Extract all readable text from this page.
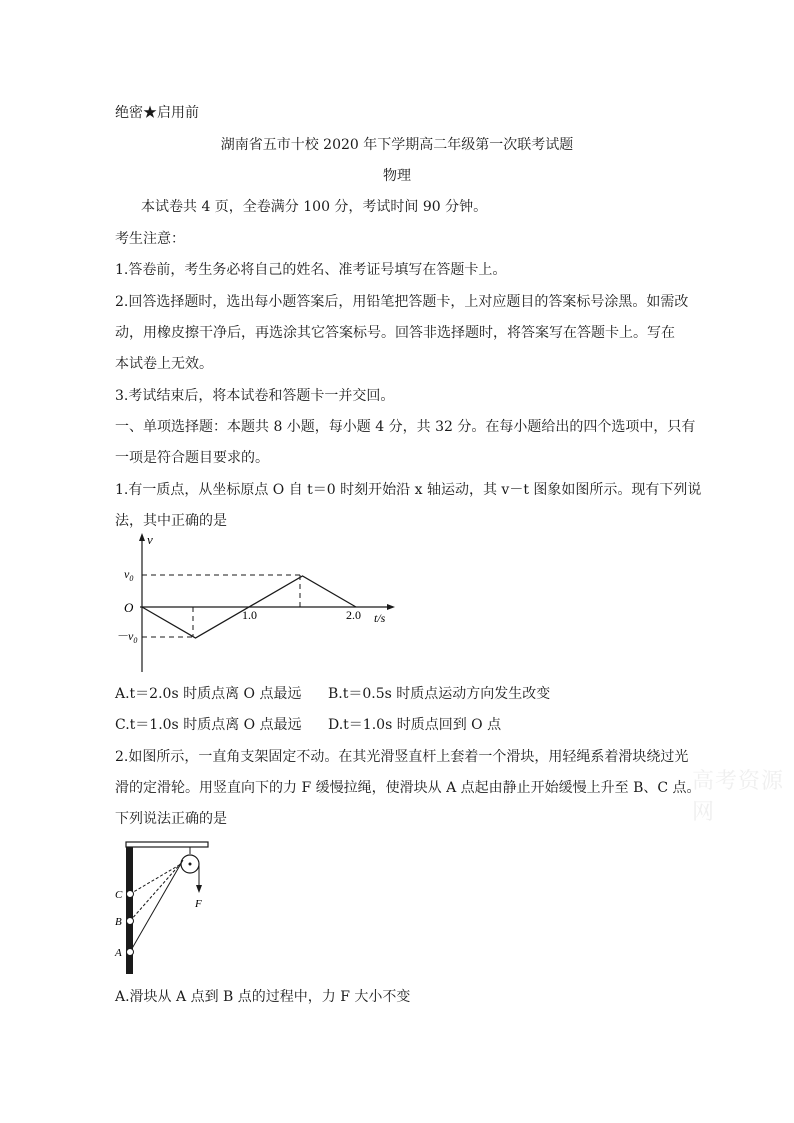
绝密★启用前
湖南省五市十校 2020 年下学期高二年级第一次联考试题
物理
本试卷共 4 页，全卷满分 100 分，考试时间 90 分钟。
考生注意：
1.答卷前，考生务必将自己的姓名、准考证号填写在答题卡上。
2.回答选择题时，选出每小题答案后，用铅笔把答题卡，上对应题目的答案标号涂黑。如需改
动，用橡皮擦干净后，再选涂其它答案标号。回答非选择题时，将答案写在答题卡上。写在
本试卷上无效。
3.考试结束后，将本试卷和答题卡一并交回。
一、单项选择题：本题共 8 小题，每小题 4 分，共 32 分。在每小题给出的四个选项中，只有
一项是符合题目要求的。
1.有一质点，从坐标原点 O 自 t＝0 时刻开始沿 x 轴运动，其 v－t 图象如图所示。现有下列说
法，其中正确的是
v
O
$v_0$
$-v_0$
1.0	2.0 t/s
A.t＝2.0s 时质点离 O 点最远 B.t＝0.5s 时质点运动方向发生改变
C.t＝1.0s 时质点离 O 点最远 D.t＝1.0s 时质点回到 O 点
2.如图所示，一直角支架固定不动。在其光滑竖直杆上套着一个滑块，用轻绳系着滑块绕过光
滑的定滑轮。用竖直向下的力 F 缓慢拉绳，使滑块从 A 点起由静止开始缓慢上升至 B、C 点。
下列说法正确的是
C
B
A
F
A.滑块从 A 点到 B 点的过程中，力 F 大小不变
高考资源网
